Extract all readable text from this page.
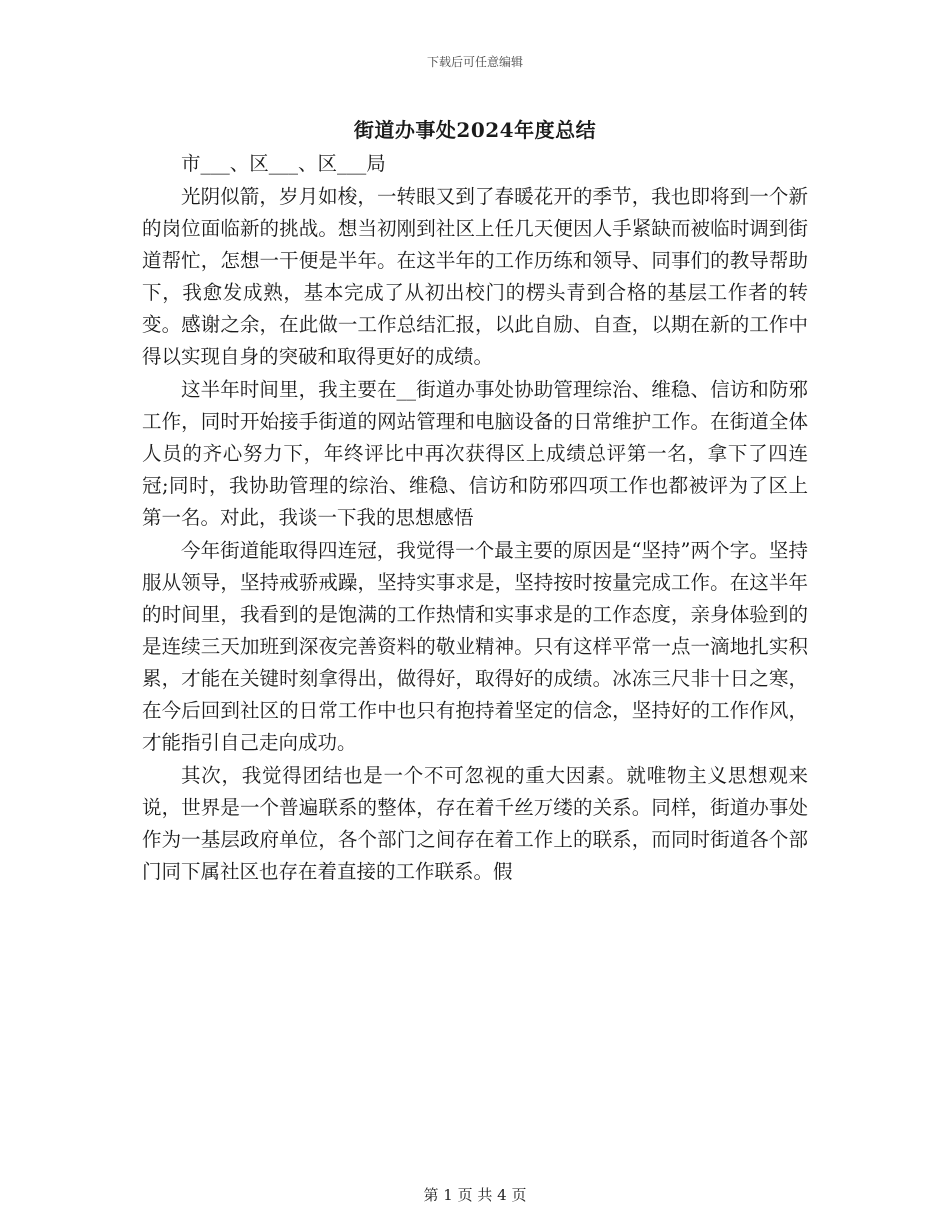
下载后可任意编辑
街道办事处2024年度总结

市___、区___、区___局

光阴似箭，岁月如梭，一转眼又到了春暖花开的季节，我也即将到一个新的岗位面临新的挑战。想当初刚到社区上任几天便因人手紧缺而被临时调到街道帮忙，怎想一干便是半年。在这半年的工作历练和领导、同事们的教导帮助下，我愈发成熟，基本完成了从初出校门的楞头青到合格的基层工作者的转变。感谢之余，在此做一工作总结汇报，以此自励、自查，以期在新的工作中得以实现自身的突破和取得更好的成绩。

这半年时间里，我主要在__街道办事处协助管理综治、维稳、信访和防邪工作，同时开始接手街道的网站管理和电脑设备的日常维护工作。在街道全体人员的齐心努力下，年终评比中再次获得区上成绩总评第一名，拿下了四连冠;同时，我协助管理的综治、维稳、信访和防邪四项工作也都被评为了区上第一名。对此，我谈一下我的思想感悟

今年街道能取得四连冠，我觉得一个最主要的原因是“坚持”两个字。坚持服从领导，坚持戒骄戒躁，坚持实事求是，坚持按时按量完成工作。在这半年的时间里，我看到的是饱满的工作热情和实事求是的工作态度，亲身体验到的是连续三天加班到深夜完善资料的敬业精神。只有这样平常一点一滴地扎实积累，才能在关键时刻拿得出，做得好，取得好的成绩。冰冻三尺非十日之寒，在今后回到社区的日常工作中也只有抱持着坚定的信念，坚持好的工作作风，才能指引自己走向成功。

其次，我觉得团结也是一个不可忽视的重大因素。就唯物主义思想观来说，世界是一个普遍联系的整体，存在着千丝万缕的关系。同样，街道办事处作为一基层政府单位，各个部门之间存在着工作上的联系，而同时街道各个部门同下属社区也存在着直接的工作联系。假

第 1 页 共 4 页
